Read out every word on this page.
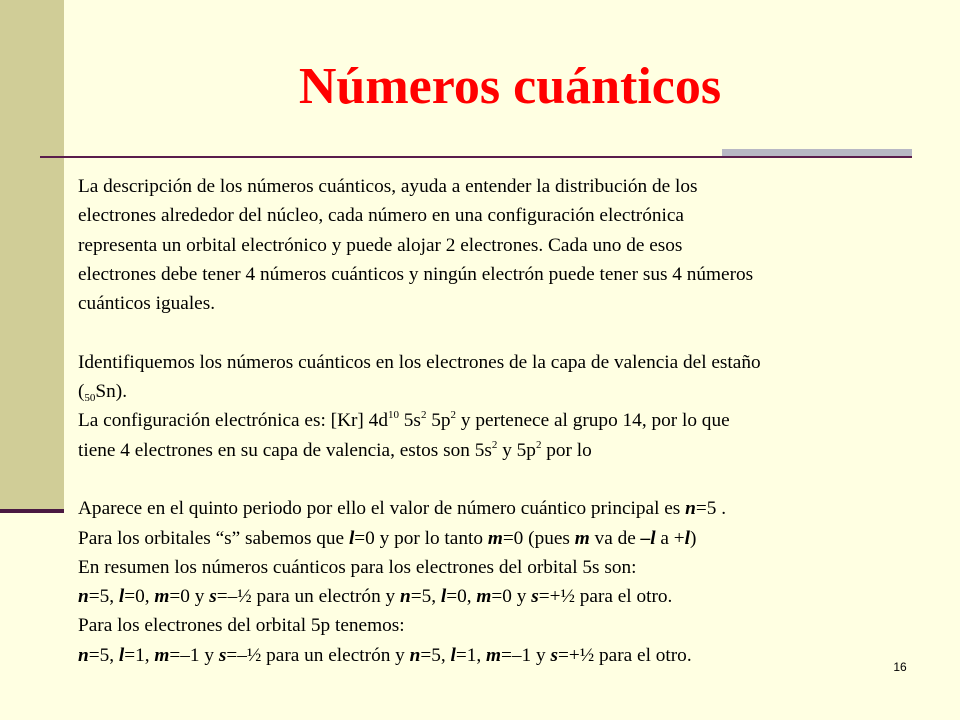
Números cuánticos

La descripción de los números cuánticos, ayuda a entender la distribución de los

electrones alrededor del núcleo, cada número en una configuración electrónica

representa un orbital electrónico y puede alojar 2 electrones. Cada uno de esos

electrones debe tener 4 números cuánticos y ningún electrón puede tener sus 4 números

cuánticos iguales.

Identifiquemos los números cuánticos en los electrones de la capa de valencia del estaño

$(_{50}Sn)$.

La configuración electrónica es: [Kr] $4d^{10}$ $5s^2$ $5p^2$ y pertenece al grupo 14, por lo que

tiene 4 electrones en su capa de valencia, estos son $5s^2$ y $5p^2$ por lo

Aparece en el quinto periodo por ello el valor de número cuántico principal es n=5 .

Para los orbitales “s” sabemos que l=0 y por lo tanto m=0 (pues m va de –l a +l)

En resumen los números cuánticos para los electrones del orbital 5s son:

n=5, l=0, m=0 y s=–½ para un electrón y n=5, l=0, m=0 y s=+½ para el otro.

Para los electrones del orbital 5p tenemos:

n=5, l=1, m=–1 y s=–½ para un electrón y n=5, l=1, m=–1 y s=+½ para el otro.

16
